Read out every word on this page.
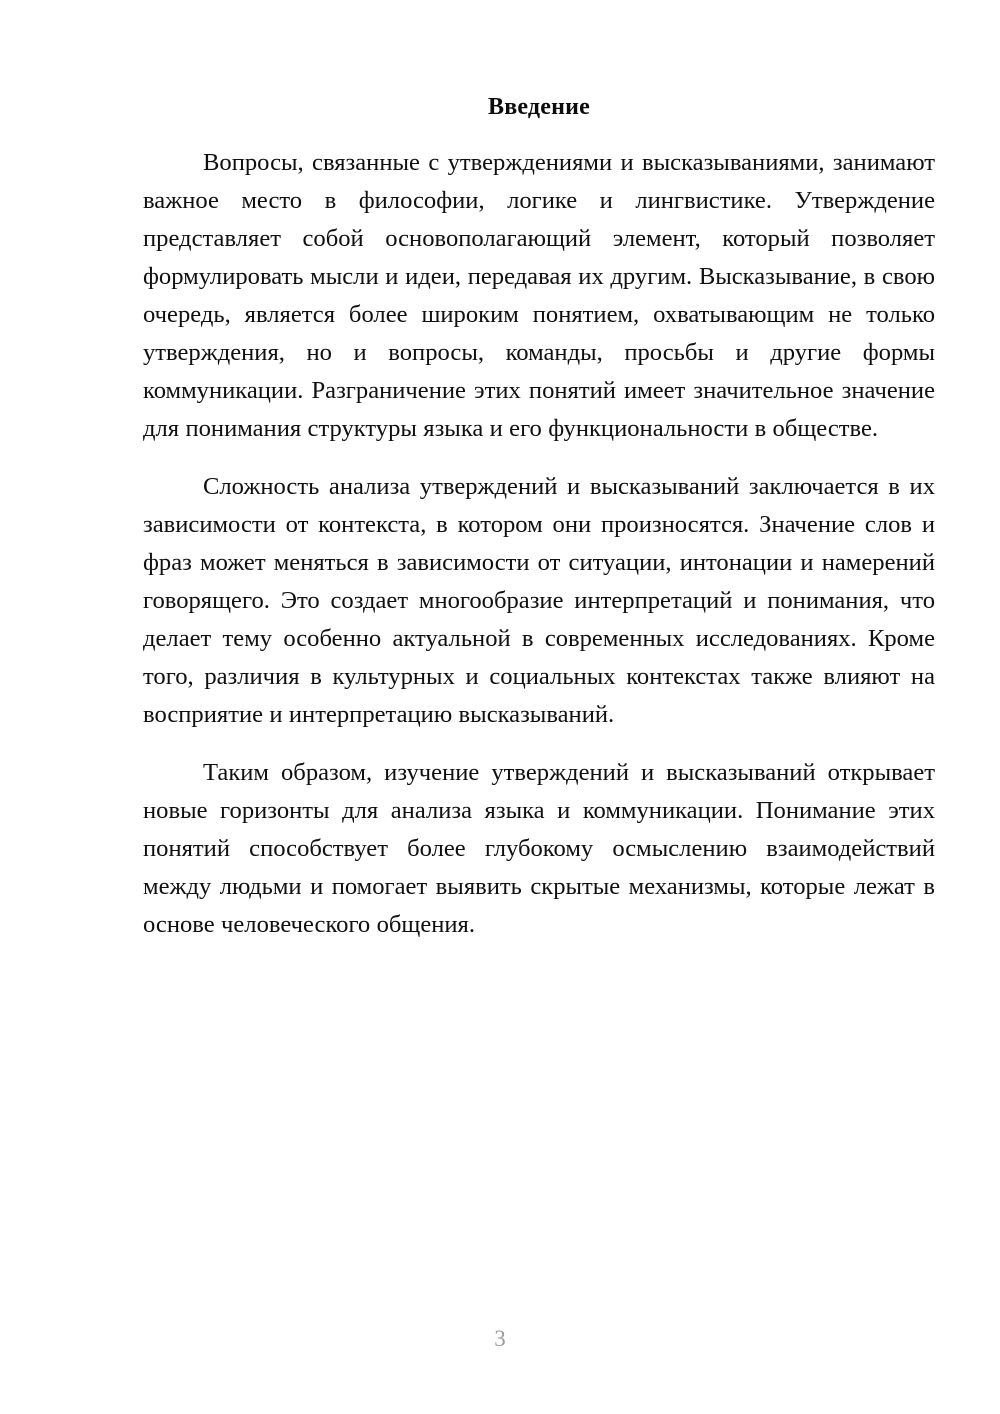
Введение

Вопросы, связанные с утверждениями и высказываниями, занимают важное место в философии, логике и лингвистике. Утверждение представляет собой основополагающий элемент, который позволяет формулировать мысли и идеи, передавая их другим. Высказывание, в свою очередь, является более широким понятием, охватывающим не только утверждения, но и вопросы, команды, просьбы и другие формы коммуникации. Разграничение этих понятий имеет значительное значение для понимания структуры языка и его функциональности в обществе.

Сложность анализа утверждений и высказываний заключается в их зависимости от контекста, в котором они произносятся. Значение слов и фраз может меняться в зависимости от ситуации, интонации и намерений говорящего. Это создает многообразие интерпретаций и понимания, что делает тему особенно актуальной в современных исследованиях. Кроме того, различия в культурных и социальных контекстах также влияют на восприятие и интерпретацию высказываний.

Таким образом, изучение утверждений и высказываний открывает новые горизонты для анализа языка и коммуникации. Понимание этих понятий способствует более глубокому осмыслению взаимодействий между людьми и помогает выявить скрытые механизмы, которые лежат в основе человеческого общения.

3
